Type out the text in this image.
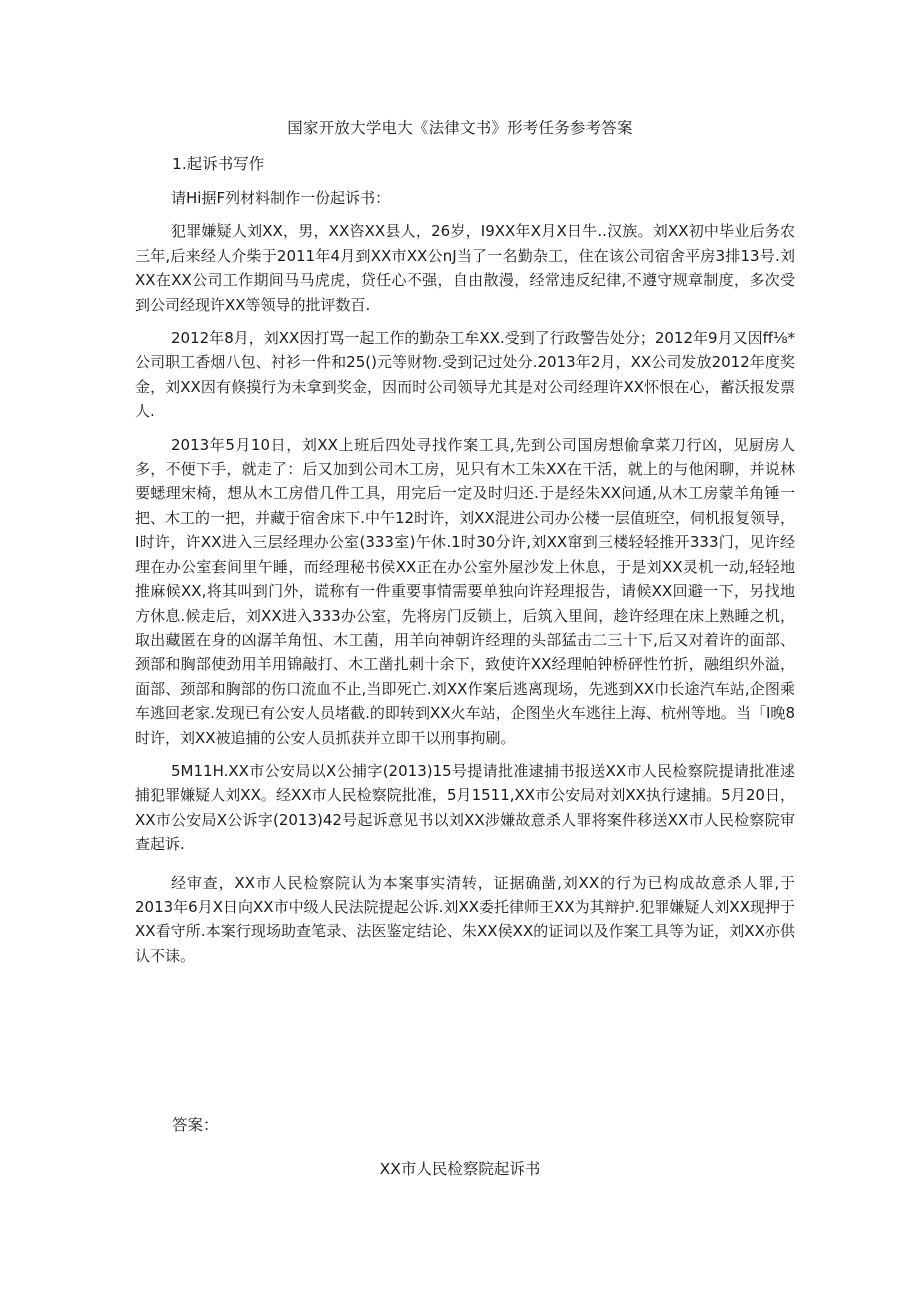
国家开放大学电大《法律文书》形考任务参考答案
1.起诉书写作

请Hi据F列材料制作一份起诉书：

犯罪嫌疑人刘XX，男，XX咨XX县人，26岁，I9XX年X月X日牛..汉族。刘XX初中毕业后务农三年,后来经人介柴于2011年4月到XX市XX公nJ当了一名勤杂工，住在该公司宿舍平房3排13号.刘XX在XX公司工作期间马马虎虎，贷任心不强，自由散漫，经常违反纪律,不遵守规章制度，多次受到公司经现许XX等领导的批评数百.

2012年8月，刘XX因打骂一起工作的勤杂工牟XX.受到了行政警告处分；2012年9月又因ff⅛*公司职工香烟八包、衬衫一件和25()元等财物.受到记过处分.2013年2月，XX公司发放2012年度奖金，刘XX因有倏摸行为未拿到奖金，因而时公司领导尤其是对公司经理许XX怀恨在心，蓄沃报发票人.

2013年5月10日，刘XX上班后四处寻找作案工具,先到公司国房想偷拿菜刀行凶，见厨房人多，不便下手，就走了：后又加到公司木工房，见只有木工朱XX在干活，就上的与他闲聊，并说林要蟋理宋椅，想从木工房借几件工具，用完后一定及时归还.于是经朱XX问通,从木工房蒙羊角锤一把、木工的一把，并藏于宿舍床下.中午12时许，刘XX混进公司办公楼一层值班空，伺机报复领导，I时许，许XX进入三层经理办公室(333室)午休.1时30分许,刘XX窜到三楼轻轻推开333门，见许经理在办公室套间里午睡，而经理秘书侯XX正在办公室外屋沙发上休息，于是刘XX灵机一动,轻轻地推麻候XX,将其叫到门外，谎称有一件重要事情需要单独向许羟理报告，请候XX回避一下，另找地方休息.候走后，刘XX进入333办公室，先将房门反锁上，后筑入里间，趁许经理在床上熟睡之机，取出藏匿在身的凶潺羊角忸、木工菌，用羊向神朝许经理的头部猛击二三十下,后又对着许的面部、颈部和胸部使劲用羊用锦敲打、木工凿扎刺十余下，致使许XX经理帕钟桥砰性竹折，融组织外溢，面部、颈部和胸部的伤口流血不止,当即死亡.刘XX作案后逃离现场，先逃到XX巾长途汽车站,企图乘车逃回老家.发现已有公安人员堵截.的即转到XX火车站，企图坐火车逃往上海、杭州等地。当「I晚8时许，刘XX被追捕的公安人员抓获并立即干以刑事拘刷。

5M11H.XX市公安局以X公捕字(2013)15号提请批准逮捕书报送XX市人民检察院提请批准逑捕犯罪嫌疑人刘XX。经XX市人民检察院批准，5月1511,XX市公安局对刘XX执行逮捕。5月20日，XX市公安局X公诉字(2013)42号起诉意见书以刘XX涉嫌故意杀人罪将案件移送XX市人民检察院审查起诉.

经审查，XX市人民检察院认为本案事实清转，证据确凿,刘XX的行为已构成故意杀人罪,于2013年6月X日向XX市中级人民法院提起公诉.刘XX委托律师王XX为其辩护.犯罪嫌疑人刘XX现押于XX看守所.本案行现场助查笔录、法医鉴定结论、朱XX侯XX的证词以及作案工具等为证，刘XX亦供认不诔。

答案：
XX市人民检察院起诉书
